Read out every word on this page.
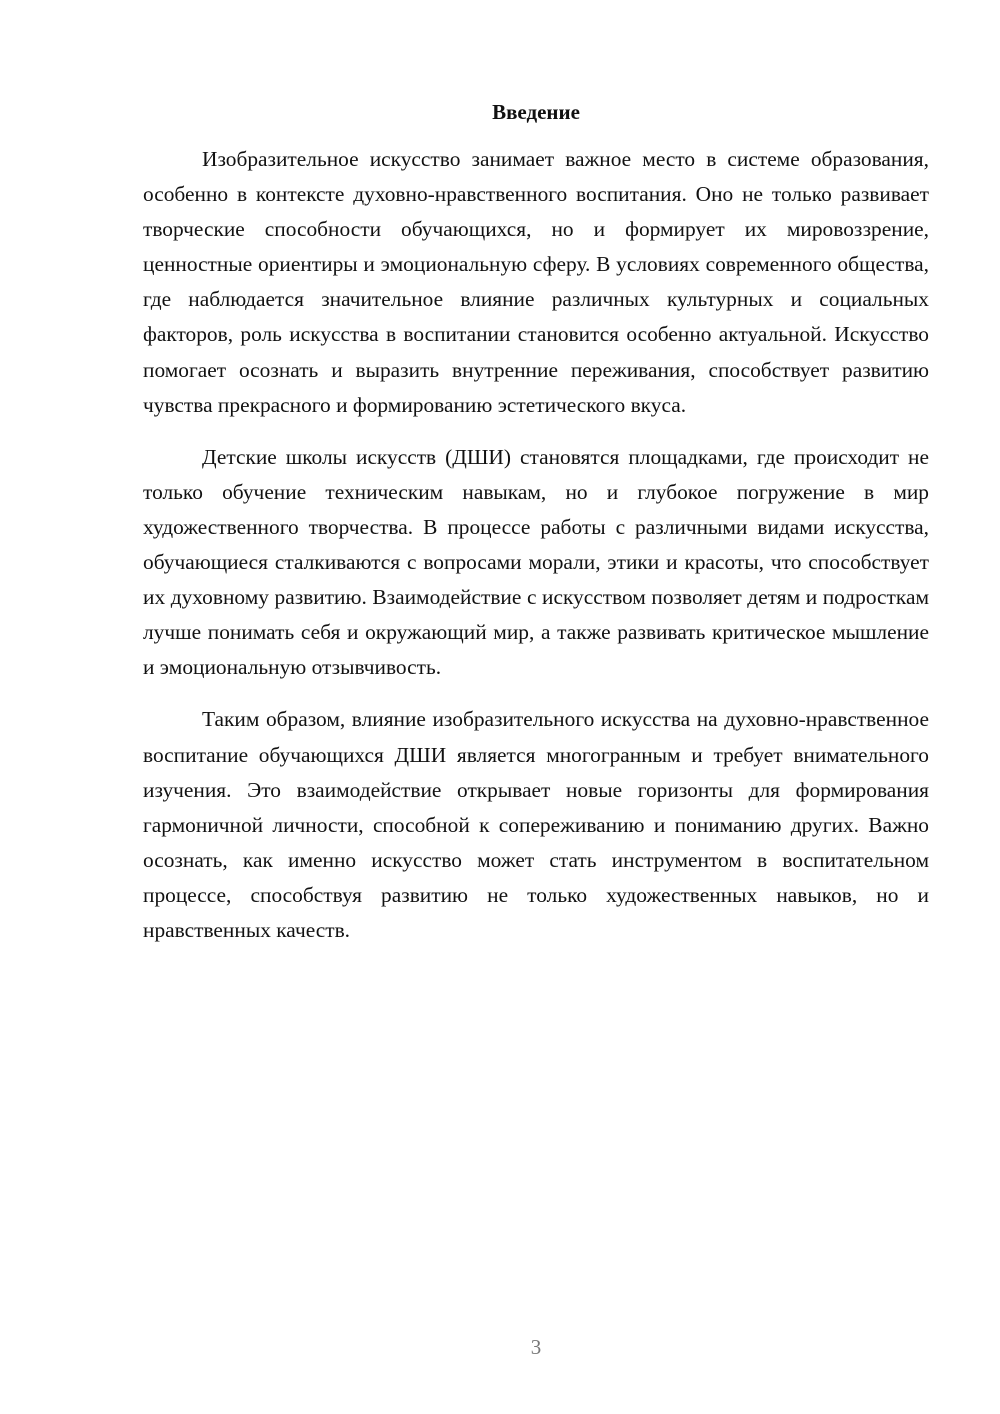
Введение

Изобразительное искусство занимает важное место в системе образования, особенно в контексте духовно-нравственного воспитания. Оно не только развивает творческие способности обучающихся, но и формирует их мировоззрение, ценностные ориентиры и эмоциональную сферу. В условиях современного общества, где наблюдается значительное влияние различных культурных и социальных факторов, роль искусства в воспитании становится особенно актуальной. Искусство помогает осознать и выразить внутренние переживания, способствует развитию чувства прекрасного и формированию эстетического вкуса.

Детские школы искусств (ДШИ) становятся площадками, где происходит не только обучение техническим навыкам, но и глубокое погружение в мир художественного творчества. В процессе работы с различными видами искусства, обучающиеся сталкиваются с вопросами морали, этики и красоты, что способствует их духовному развитию. Взаимодействие с искусством позволяет детям и подросткам лучше понимать себя и окружающий мир, а также развивать критическое мышление и эмоциональную отзывчивость.

Таким образом, влияние изобразительного искусства на духовно-нравственное воспитание обучающихся ДШИ является многогранным и требует внимательного изучения. Это взаимодействие открывает новые горизонты для формирования гармоничной личности, способной к сопереживанию и пониманию других. Важно осознать, как именно искусство может стать инструментом в воспитательном процессе, способствуя развитию не только художественных навыков, но и нравственных качеств.

3
